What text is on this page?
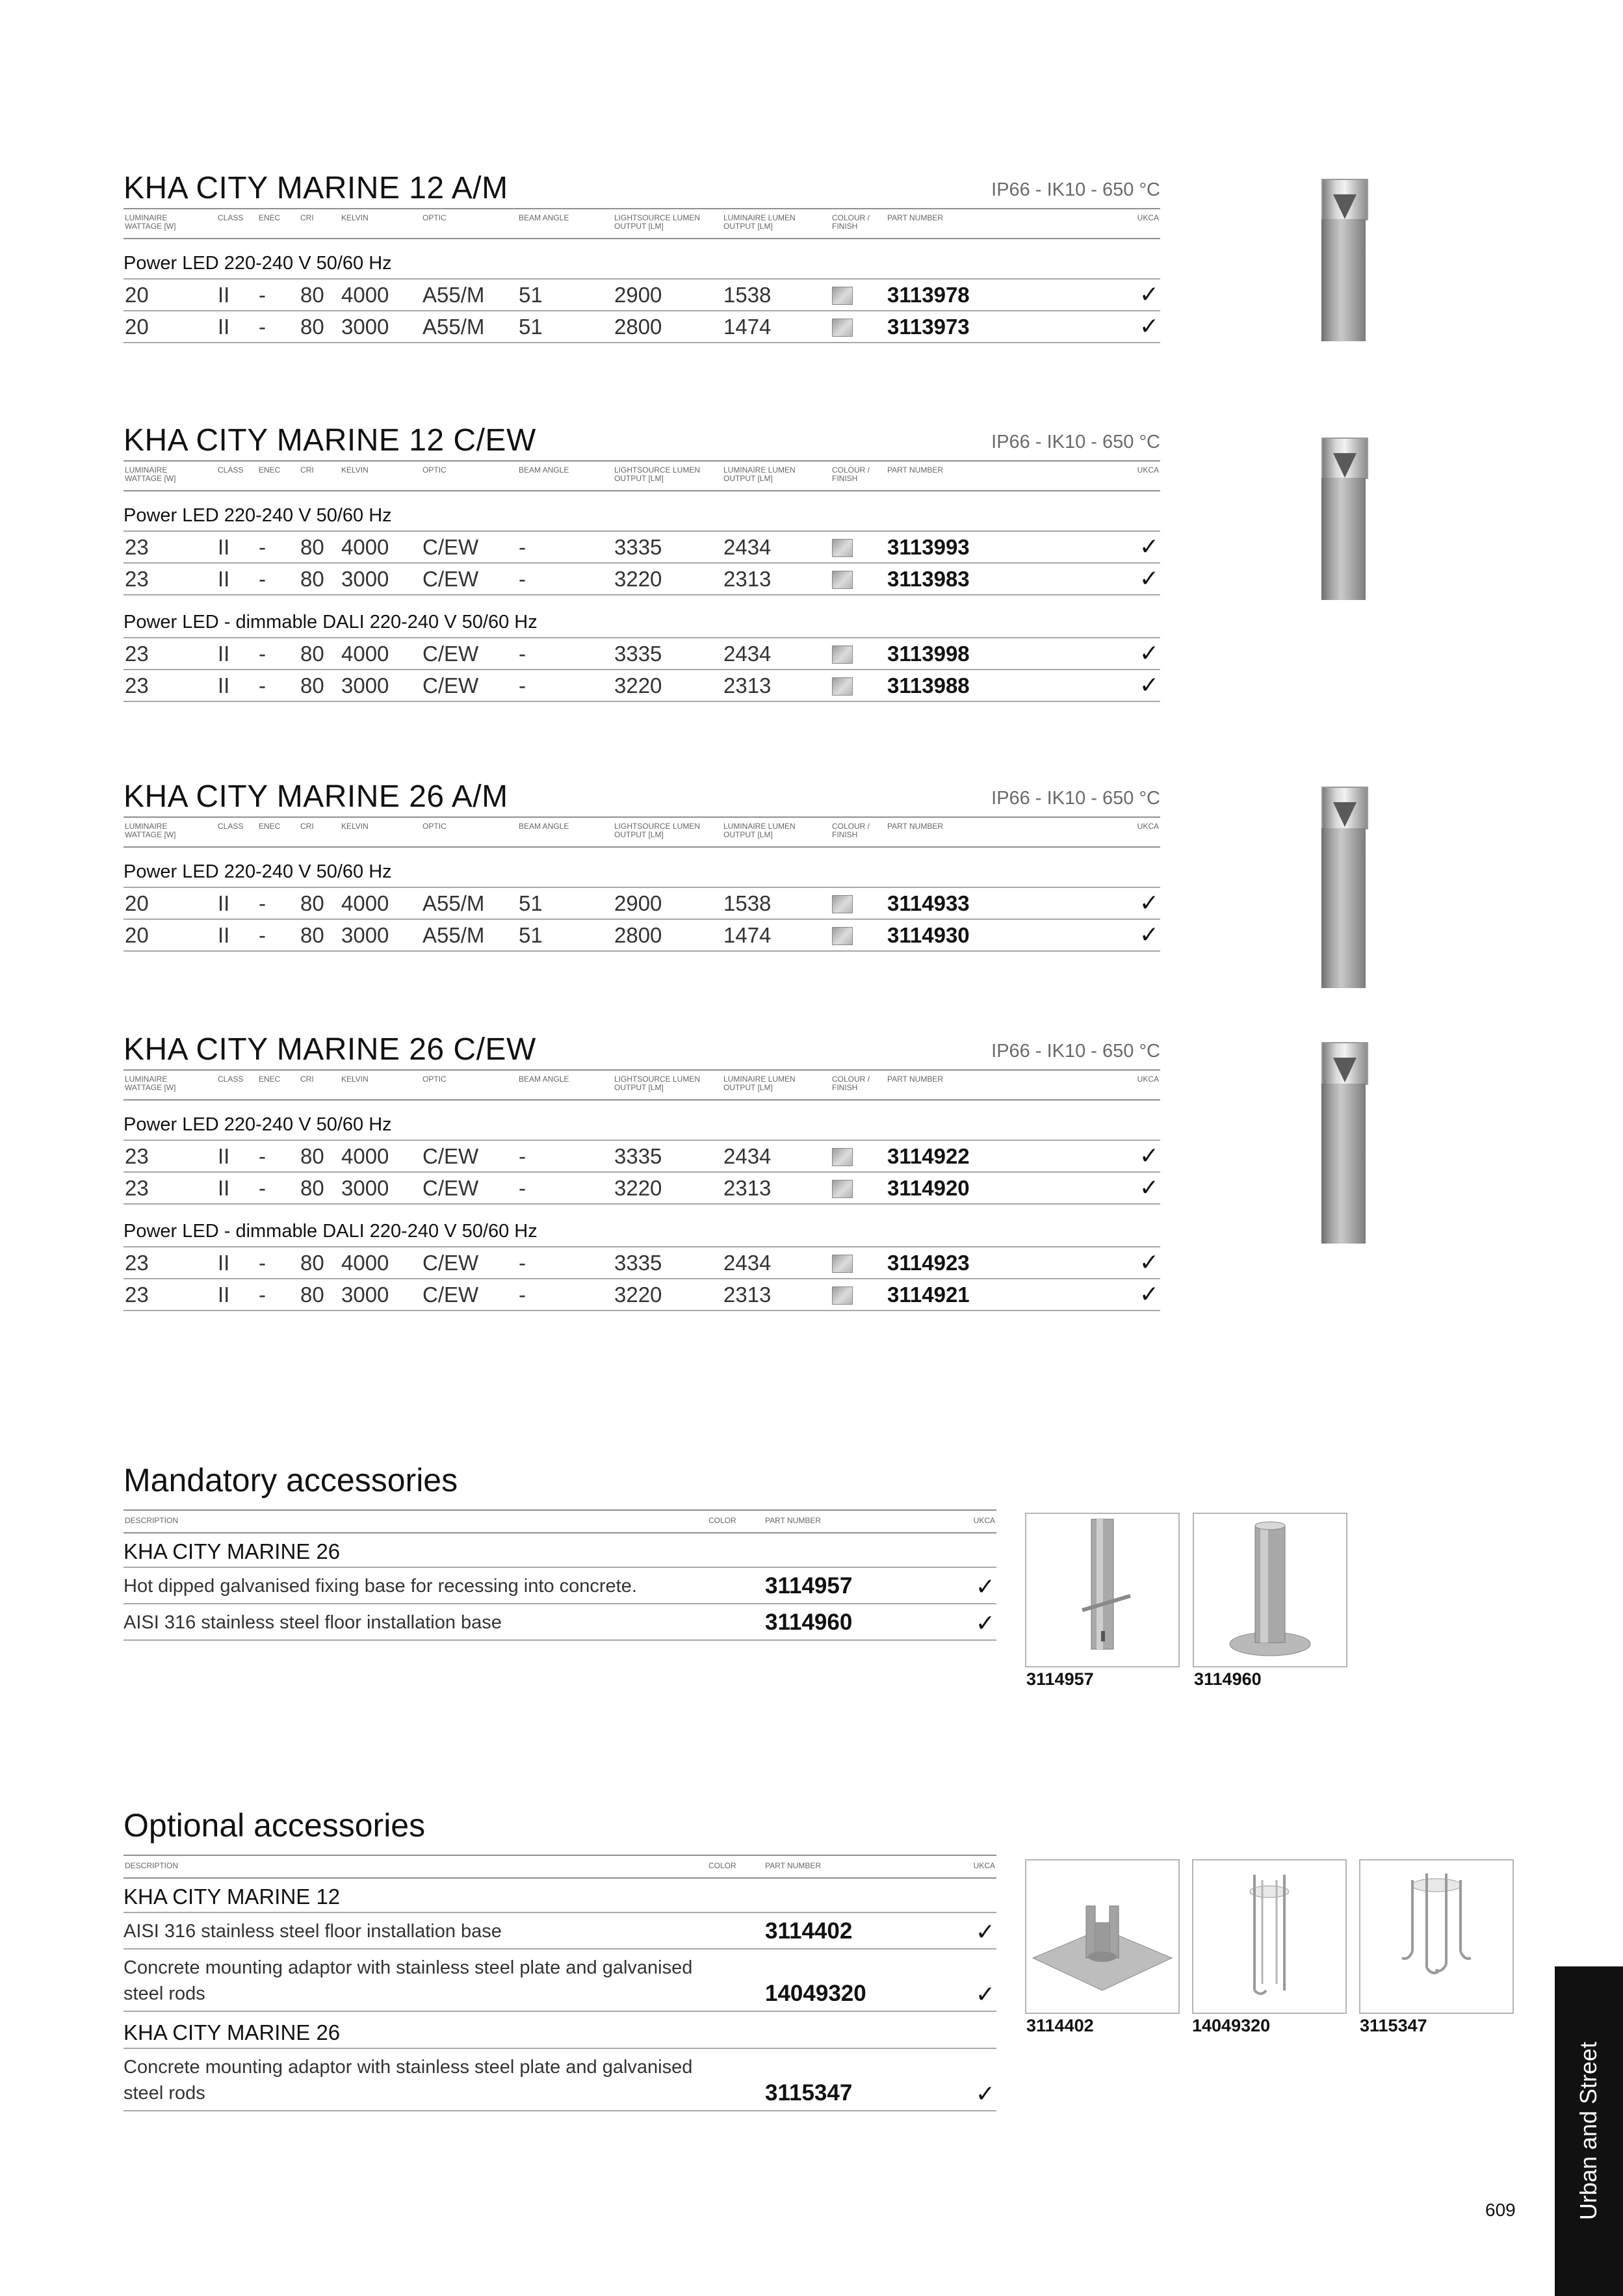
KHA CITY MARINE 12 A/M	IP66 - IK10 - 650 °C
LUMINAIRE
WATTAGE [W]
CLASS ENEC	CRI	KELVIN	OPTIC	BEAM ANGLE	LIGHTSOURCE LUMEN
OUTPUT [LM]
LUMINAIRE LUMEN
OUTPUT [LM]
COLOUR /
FINISH
PART NUMBER	UKCA
Power LED 220-240 V 50/60 Hz
20	II - 80 4000 A55/M 51	2900	1538	3113978	✓
20	II - 80 3000 A55/M 51	2800	1474	3113973	✓
KHA CITY MARINE 12 C/EW	IP66 - IK10 - 650 °C
LUMINAIRE
WATTAGE [W]
CLASS ENEC	CRI	KELVIN	OPTIC	BEAM ANGLE	LIGHTSOURCE LUMEN
OUTPUT [LM]
LUMINAIRE LUMEN
OUTPUT [LM]
COLOUR /
FINISH
PART NUMBER	UKCA
Power LED 220-240 V 50/60 Hz
23	II - 80 4000 C/EW -	3335	2434	3113993	✓
23	II - 80 3000 C/EW -	3220	2313	3113983	✓
Power LED - dimmable DALI 220-240 V 50/60 Hz
23	II - 80 4000 C/EW -	3335	2434	3113998	✓
23	II - 80 3000 C/EW -	3220	2313	3113988	✓
KHA CITY MARINE 26 A/M	IP66 - IK10 - 650 °C
LUMINAIRE
WATTAGE [W]
CLASS ENEC	CRI	KELVIN	OPTIC	BEAM ANGLE	LIGHTSOURCE LUMEN
OUTPUT [LM]
LUMINAIRE LUMEN
OUTPUT [LM]
COLOUR /
FINISH
PART NUMBER	UKCA
Power LED 220-240 V 50/60 Hz
20	II - 80 4000 A55/M 51	2900	1538	3114933	✓
20	II - 80 3000 A55/M 51	2800	1474	3114930	✓
KHA CITY MARINE 26 C/EW	IP66 - IK10 - 650 °C
LUMINAIRE
WATTAGE [W]
CLASS ENEC	CRI	KELVIN	OPTIC	BEAM ANGLE	LIGHTSOURCE LUMEN
OUTPUT [LM]
LUMINAIRE LUMEN
OUTPUT [LM]
COLOUR /
FINISH
PART NUMBER	UKCA
Power LED 220-240 V 50/60 Hz
23	II - 80 4000 C/EW -	3335	2434	3114922	✓
23	II - 80 3000 C/EW -	3220	2313	3114920	✓
Power LED - dimmable DALI 220-240 V 50/60 Hz
23	II - 80 4000 C/EW -	3335	2434	3114923	✓
23	II - 80 3000 C/EW -	3220	2313	3114921	✓
Mandatory accessories
DESCRIPTION	COLOR	PART NUMBER	UKCA
KHA CITY MARINE 26
Hot dipped galvanised fixing base for recessing into concrete.	3114957	✓
AISI 316 stainless steel floor installation base	3114960	✓
Optional accessories
DESCRIPTION	COLOR	PART NUMBER	UKCA
KHA CITY MARINE 12
AISI 316 stainless steel floor installation base	3114402	✓
Concrete mounting adaptor with stainless steel plate and galvanised steel rods	14049320	✓
KHA CITY MARINE 26
Concrete mounting adaptor with stainless steel plate and galvanised steel rods	3115347	✓
3114957	3114960
3114402	14049320	3115347
Urban and Street
609
